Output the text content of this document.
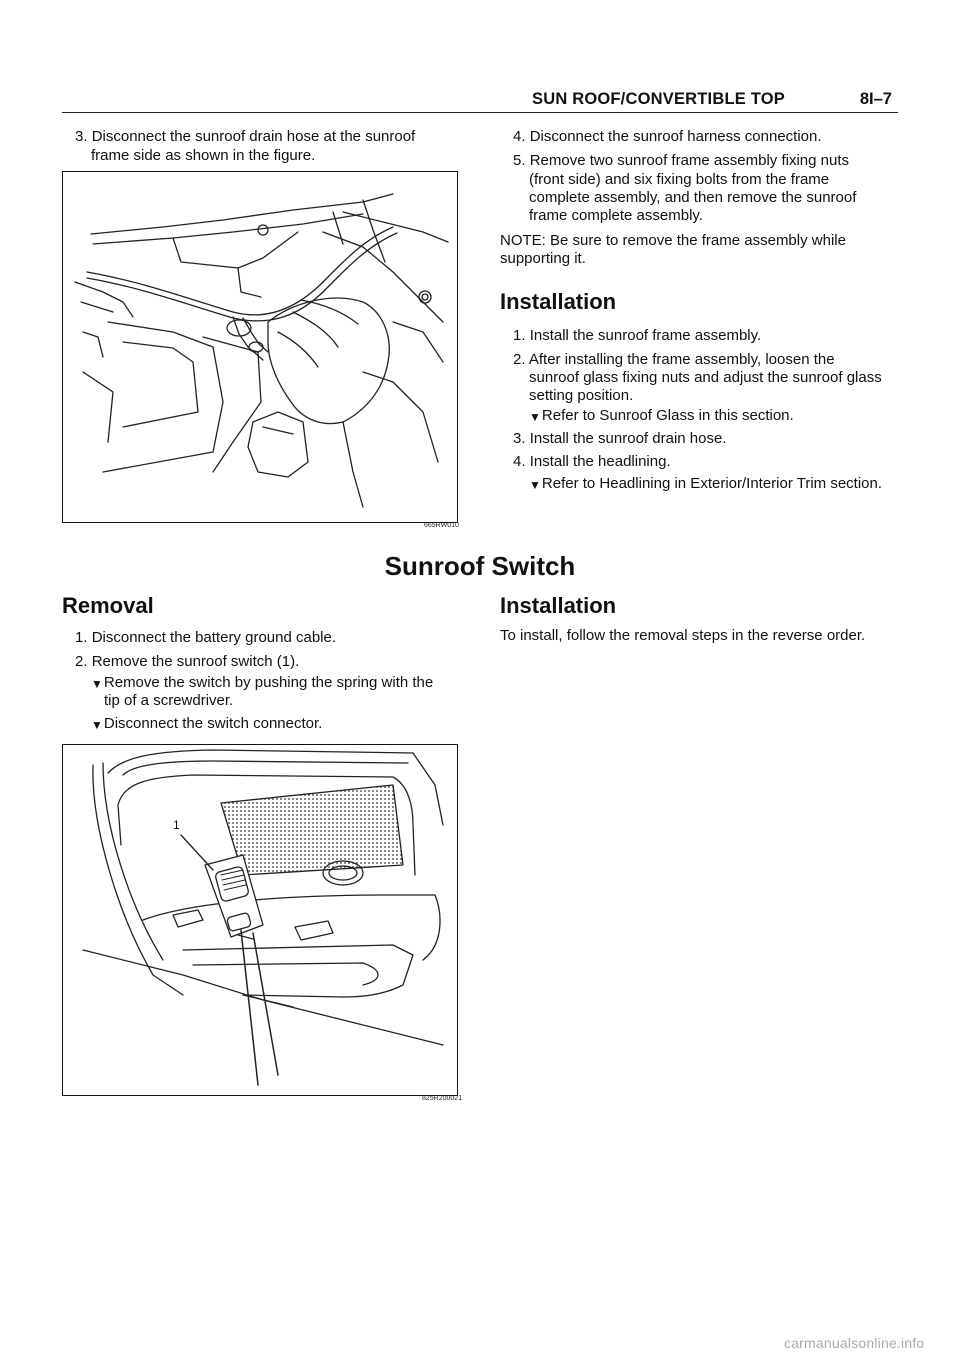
SUN ROOF/CONVERTIBLE TOP	8I–7
3. Disconnect the sunroof drain hose at the sunroof
frame side as shown in the figure.
665RW010
4. Disconnect the sunroof harness connection.
5. Remove two sunroof frame assembly fixing nuts
(front side) and six fixing bolts from the frame
complete assembly, and then remove the sunroof
frame complete assembly.
NOTE: Be sure to remove the frame assembly while
supporting it.
Installation
1. Install the sunroof frame assembly.
2. After installing the frame assembly, loosen the
sunroof glass fixing nuts and adjust the sunroof glass
setting position.
▼Refer to Sunroof Glass in this section.
3. Install the sunroof drain hose.
4. Install the headlining.
▼Refer to Headlining in Exterior/Interior Trim section.
Sunroof Switch
Removal
1. Disconnect the battery ground cable.
2. Remove the sunroof switch (1).
▼Remove the switch by pushing the spring with the
tip of a screwdriver.
▼Disconnect the switch connector.
1
825R200021
Installation
To install, follow the removal steps in the reverse order.
carmanualsonline.info
